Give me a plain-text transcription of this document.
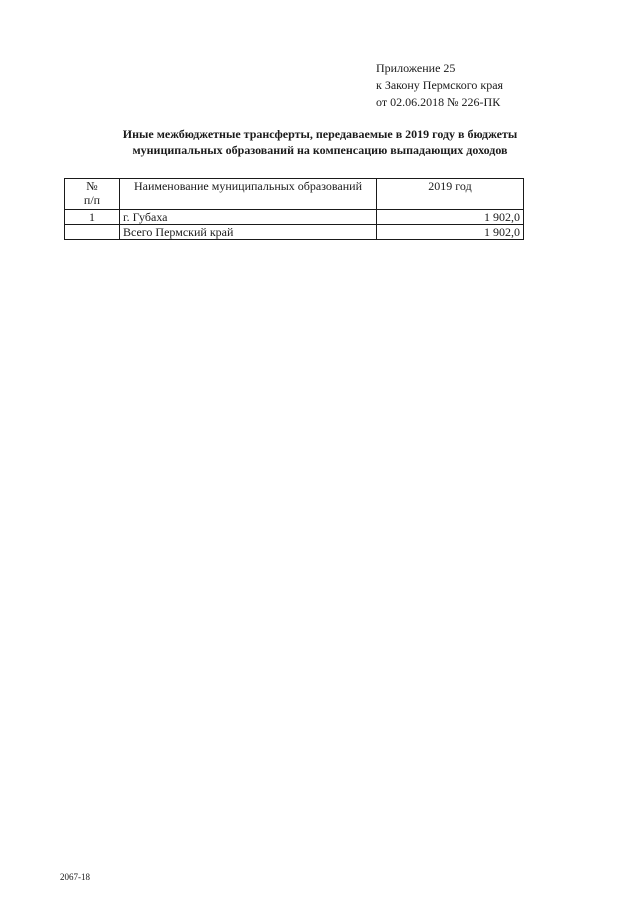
Приложение 25
к Закону Пермского края
от 02.06.2018 № 226-ПК
Иные межбюджетные трансферты, передаваемые в 2019 году в бюджеты
муниципальных образований на компенсацию выпадающих доходов
№
п/п	Наименование муниципальных образований	2019 год
1	г. Губаха	1 902,0
	Всего Пермский край	1 902,0
2067-18
